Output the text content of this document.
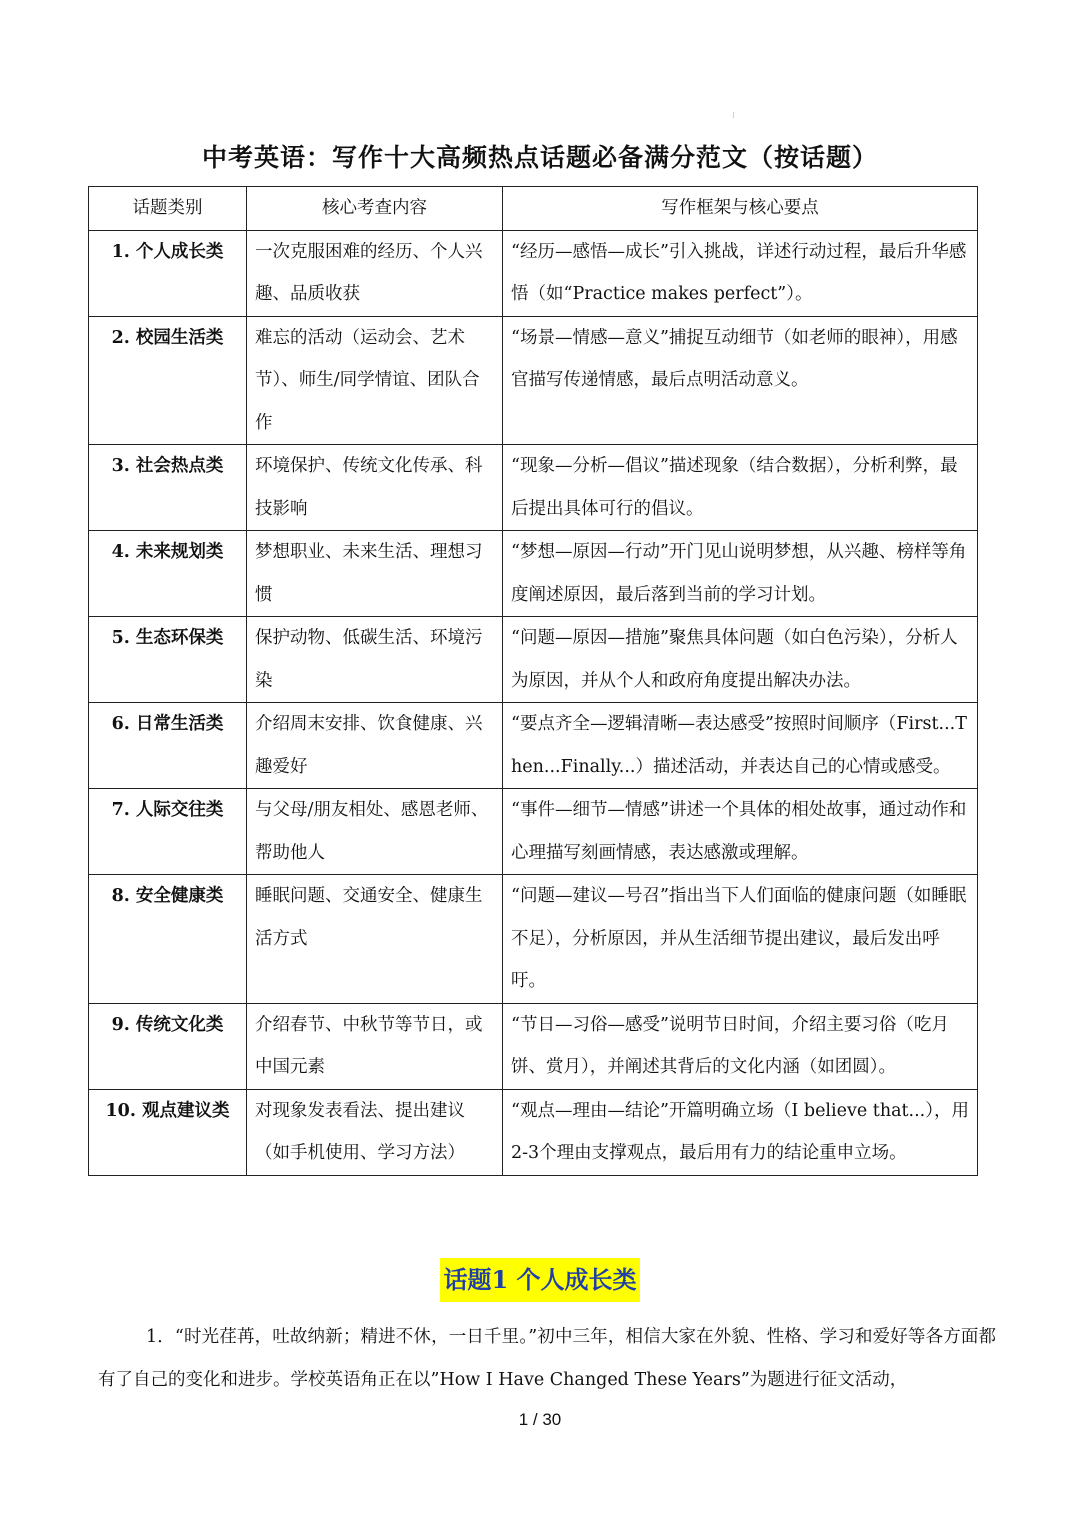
中考英语：写作十大高频热点话题必备满分范文（按话题）
话题类别	核心考查内容	写作框架与核心要点
1. 个人成长类	一次克服困难的经历、个人兴趣、品质收获	“经历—感悟—成长”引入挑战，详述行动过程，最后升华感悟（如“Practice makes perfect”）。
2. 校园生活类	难忘的活动（运动会、艺术节）、师生/同学情谊、团队合作	“场景—情感—意义”捕捉互动细节（如老师的眼神），用感官描写传递情感，最后点明活动意义。
3. 社会热点类	环境保护、传统文化传承、科技影响	“现象—分析—倡议”描述现象（结合数据），分析利弊，最后提出具体可行的倡议。
4. 未来规划类	梦想职业、未来生活、理想习惯	“梦想—原因—行动”开门见山说明梦想，从兴趣、榜样等角度阐述原因，最后落到当前的学习计划。
5. 生态环保类	保护动物、低碳生活、环境污染	“问题—原因—措施”聚焦具体问题（如白色污染），分析人为原因，并从个人和政府角度提出解决办法。
6. 日常生活类	介绍周末安排、饮食健康、兴趣爱好	“要点齐全—逻辑清晰—表达感受”按照时间顺序（First...Then...Finally...）描述活动，并表达自己的心情或感受。
7. 人际交往类	与父母/朋友相处、感恩老师、帮助他人	“事件—细节—情感”讲述一个具体的相处故事，通过动作和心理描写刻画情感，表达感激或理解。
8. 安全健康类	睡眠问题、交通安全、健康生活方式	“问题—建议—号召”指出当下人们面临的健康问题（如睡眠不足），分析原因，并从生活细节提出建议，最后发出呼吁。
9. 传统文化类	介绍春节、中秋节等节日，或中国元素	“节日—习俗—感受”说明节日时间，介绍主要习俗（吃月饼、赏月），并阐述其背后的文化内涵（如团圆）。
10. 观点建议类	对现象发表看法、提出建议（如手机使用、学习方法）	“观点—理由—结论”开篇明确立场（I believe that...），用2-3个理由支撑观点，最后用有力的结论重申立场。
话题1 个人成长类
1．“时光荏苒，吐故纳新；精进不休，一日千里。”初中三年，相信大家在外貌、性格、学习和爱好等各方面都有了自己的变化和进步。学校英语角正在以”How I Have Changed These Years”为题进行征文活动，
1 / 30
